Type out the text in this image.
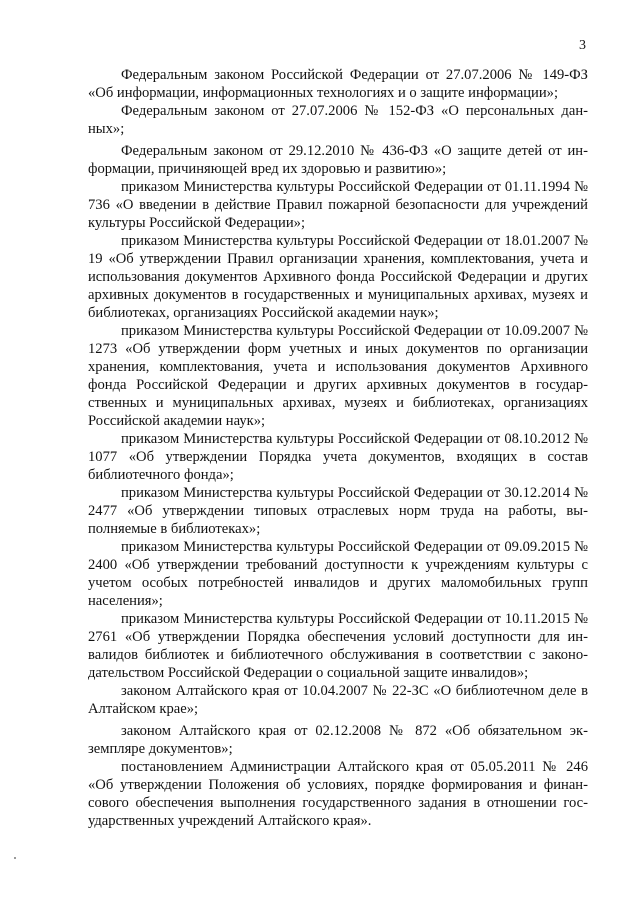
3

Федеральным законом Российской Федерации от 27.07.2006 № 149-ФЗ «Об информации, информационных технологиях и о защите информации»;

Федеральным законом от 27.07.2006 № 152-ФЗ «О персональных данных»;

Федеральным законом от 29.12.2010 № 436-ФЗ «О защите детей от информации, причиняющей вред их здоровью и развитию»;

приказом Министерства культуры Российской Федерации от 01.11.1994 № 736 «О введении в действие Правил пожарной безопасности для учреждений культуры Российской Федерации»;

приказом Министерства культуры Российской Федерации от 18.01.2007 № 19 «Об утверждении Правил организации хранения, комплектования, учета и использования документов Архивного фонда Российской Федерации и других архивных документов в государственных и муниципальных архивах, музеях и библиотеках, организациях Российской академии наук»;

приказом Министерства культуры Российской Федерации от 10.09.2007 № 1273 «Об утверждении форм учетных и иных документов по организации хранения, комплектования, учета и использования документов Архивного фонда Российской Федерации и других архивных документов в государственных и муниципальных архивах, музеях и библиотеках, организациях Российской академии наук»;

приказом Министерства культуры Российской Федерации от 08.10.2012 № 1077 «Об утверждении Порядка учета документов, входящих в состав библиотечного фонда»;

приказом Министерства культуры Российской Федерации от 30.12.2014 № 2477 «Об утверждении типовых отраслевых норм труда на работы, выполняемые в библиотеках»;

приказом Министерства культуры Российской Федерации от 09.09.2015 № 2400 «Об утверждении требований доступности к учреждениям культуры с учетом особых потребностей инвалидов и других маломобильных групп населения»;

приказом Министерства культуры Российской Федерации от 10.11.2015 № 2761 «Об утверждении Порядка обеспечения условий доступности для инвалидов библиотек и библиотечного обслуживания в соответствии с законодательством Российской Федерации о социальной защите инвалидов»;

законом Алтайского края от 10.04.2007 № 22-ЗС «О библиотечном деле в Алтайском крае»;

законом Алтайского края от 02.12.2008 № 872 «Об обязательном экземпляре документов»;

постановлением Администрации Алтайского края от 05.05.2011 № 246 «Об утверждении Положения об условиях, порядке формирования и финансового обеспечения выполнения государственного задания в отношении государственных учреждений Алтайского края».
